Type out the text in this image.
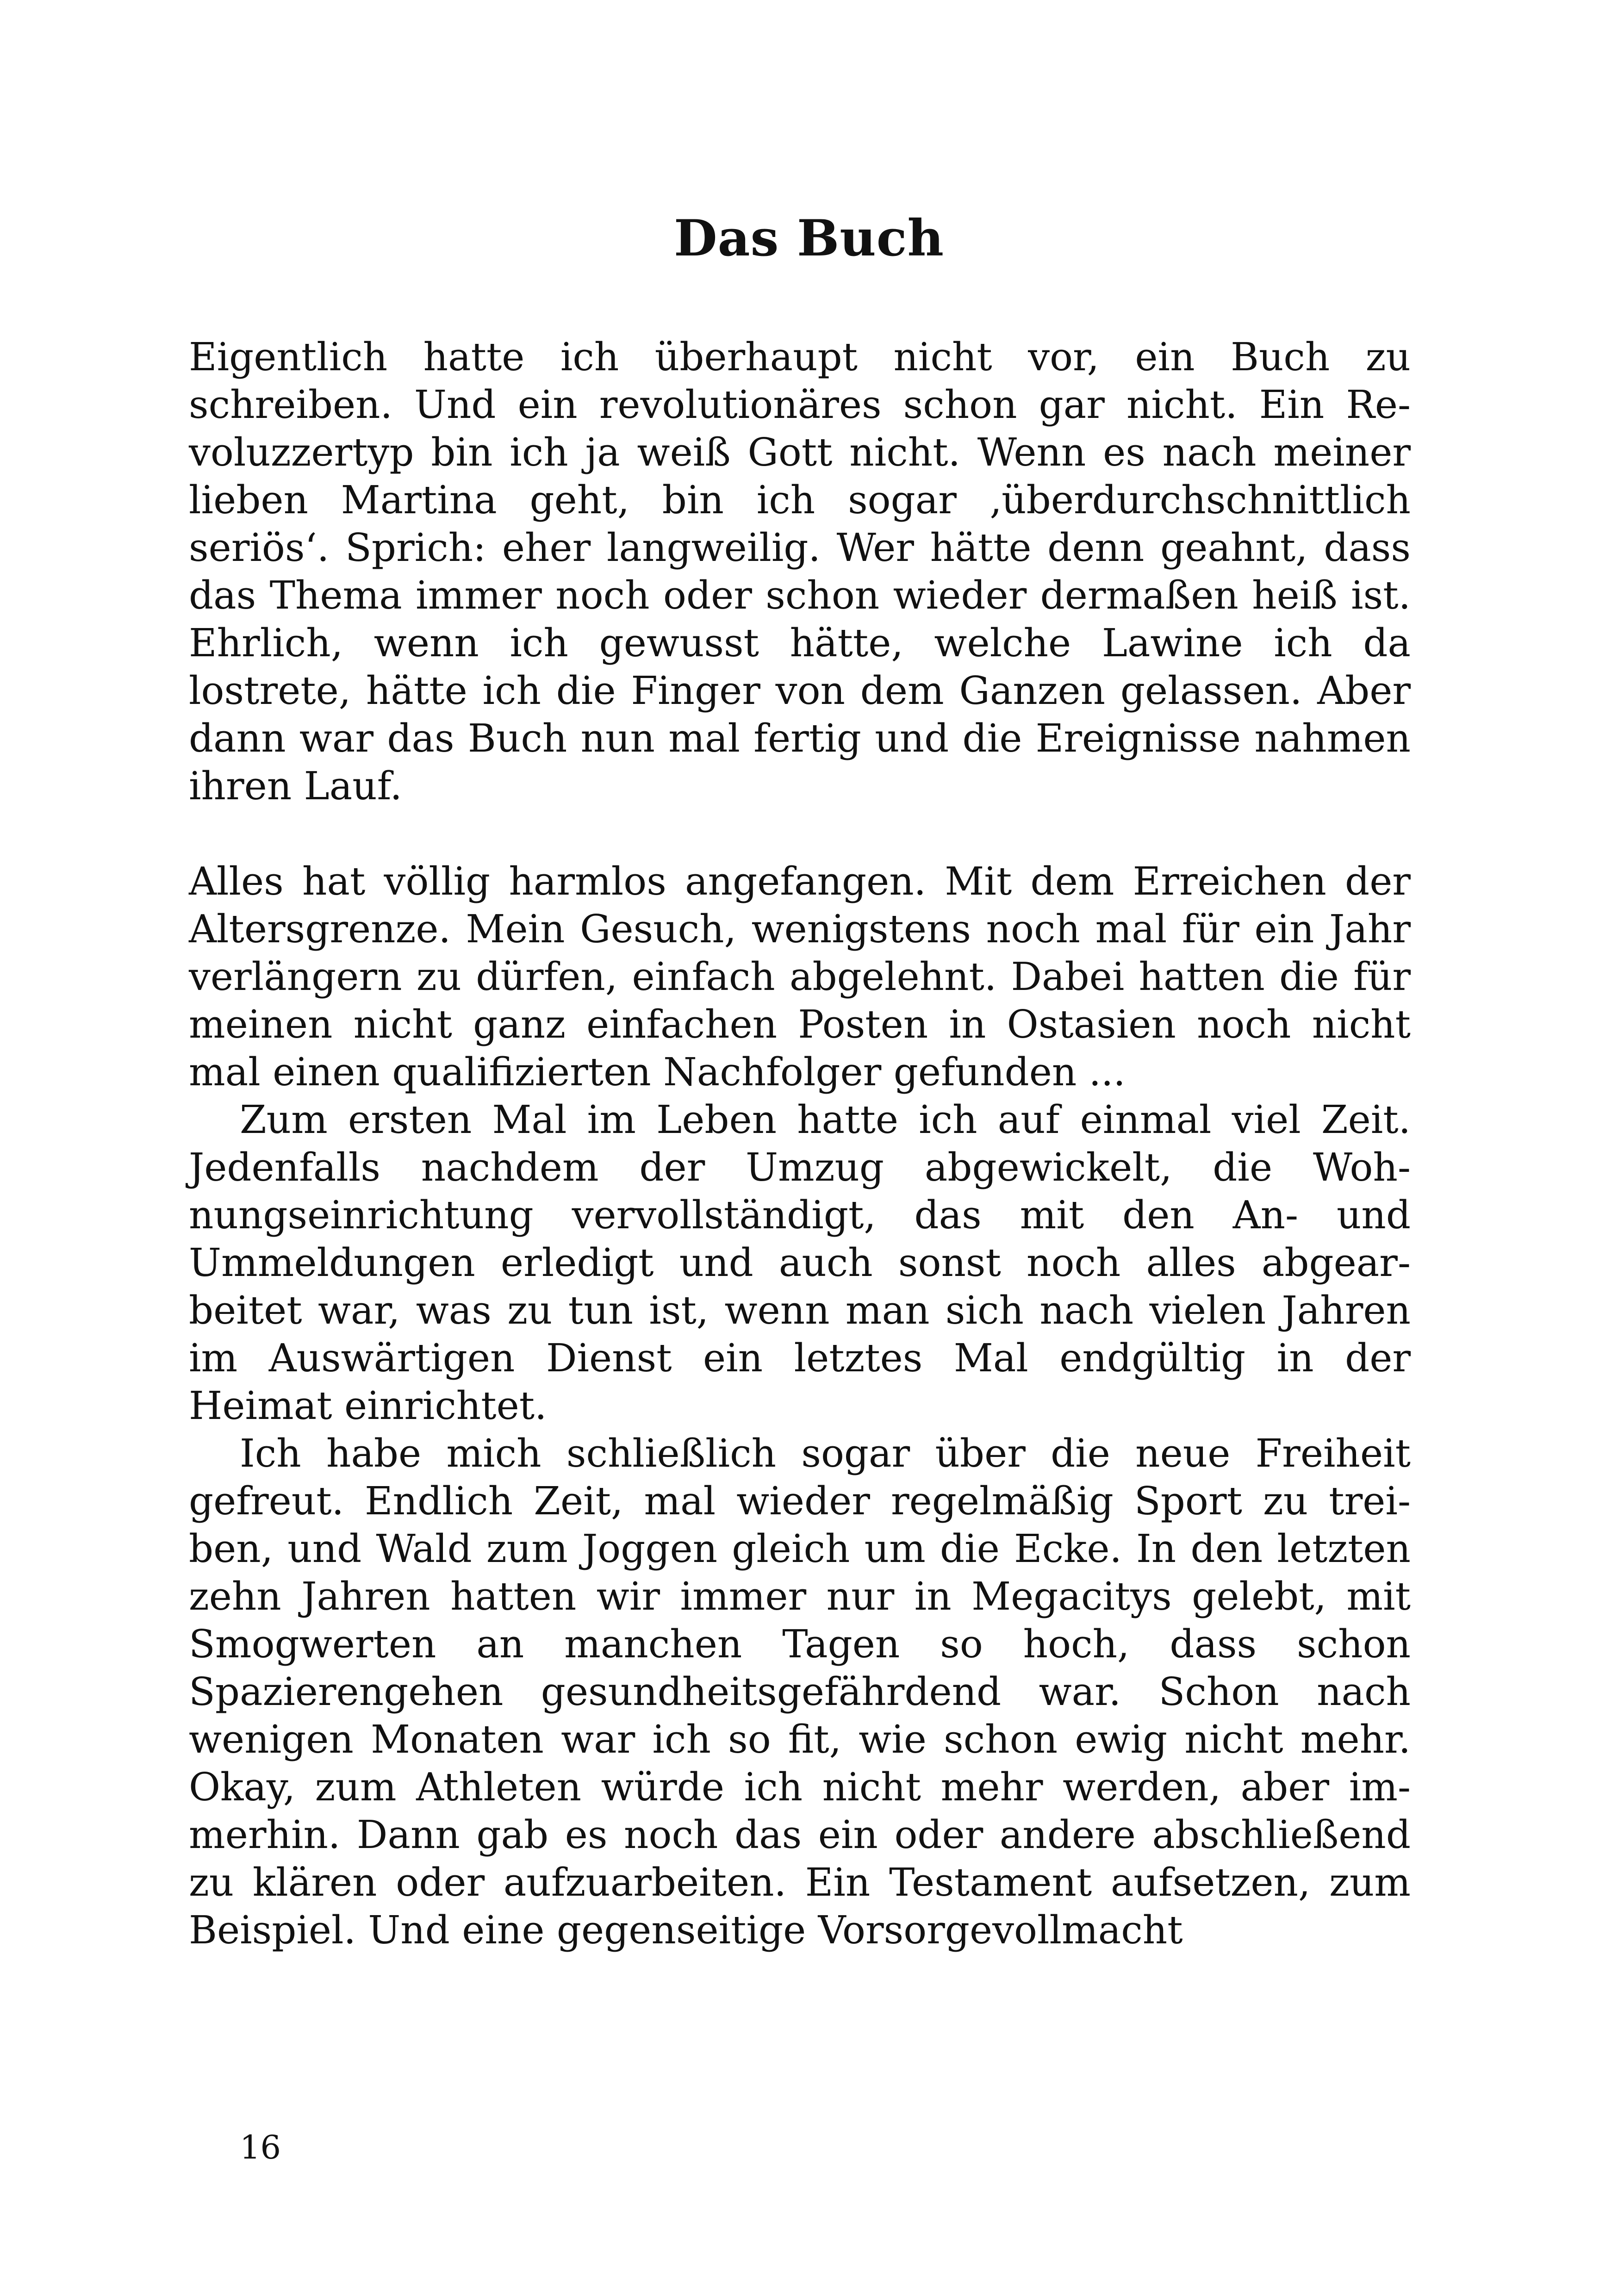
Das Buch

Eigentlich hatte ich überhaupt nicht vor, ein Buch zu schreiben. Und ein revolutionäres schon gar nicht. Ein Revoluzzertyp bin ich ja weiß Gott nicht. Wenn es nach meiner lieben Martina geht, bin ich sogar ‚überdurchschnittlich seriös‘. Sprich: eher langweilig. Wer hätte denn geahnt, dass das Thema immer noch oder schon wieder dermaßen heiß ist. Ehrlich, wenn ich gewusst hätte, welche Lawine ich da lostrete, hätte ich die Finger von dem Ganzen gelassen. Aber dann war das Buch nun mal fertig und die Ereignisse nahmen ihren Lauf.

Alles hat völlig harmlos angefangen. Mit dem Erreichen der Altersgrenze. Mein Gesuch, wenigstens noch mal für ein Jahr verlängern zu dürfen, einfach abgelehnt. Dabei hatten die für meinen nicht ganz einfachen Posten in Ostasien noch nicht mal einen qualifizierten Nachfolger gefunden ...

Zum ersten Mal im Leben hatte ich auf einmal viel Zeit. Jedenfalls nachdem der Umzug abgewickelt, die Wohnungseinrichtung vervollständigt, das mit den An- und Ummeldungen erledigt und auch sonst noch alles abgearbeitet war, was zu tun ist, wenn man sich nach vielen Jahren im Auswärtigen Dienst ein letztes Mal endgültig in der Heimat einrichtet.

Ich habe mich schließlich sogar über die neue Freiheit gefreut. Endlich Zeit, mal wieder regelmäßig Sport zu treiben, und Wald zum Joggen gleich um die Ecke. In den letzten zehn Jahren hatten wir immer nur in Megacitys gelebt, mit Smogwerten an manchen Tagen so hoch, dass schon Spazierengehen gesundheitsgefährdend war. Schon nach wenigen Monaten war ich so fit, wie schon ewig nicht mehr. Okay, zum Athleten würde ich nicht mehr werden, aber immerhin. Dann gab es noch das ein oder andere abschließend zu klären oder aufzuarbeiten. Ein Testament aufsetzen, zum Beispiel. Und eine gegenseitige Vorsorgevollmacht

16
